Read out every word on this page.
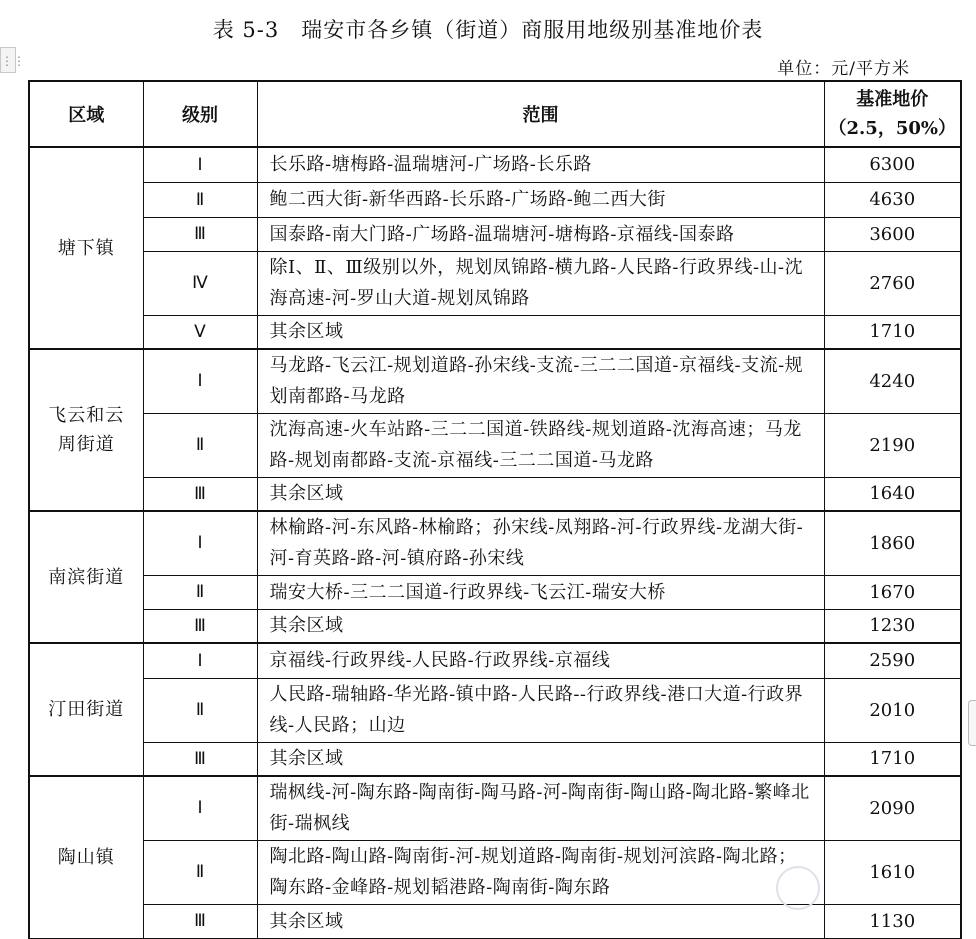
⋮⋮
表 5-3　瑞安市各乡镇（街道）商服用地级别基准地价表
单位：元/平方米
区域	级别	范围	基准地价
（2.5，50%）

塘下镇	Ⅰ	长乐路-塘梅路-温瑞塘河-广场路-长乐路	6300
	Ⅱ	鲍二西大街-新华西路-长乐路-广场路-鲍二西大街	4630
	Ⅲ	国泰路-南大门路-广场路-温瑞塘河-塘梅路-京福线-国泰路	3600
	Ⅳ	除Ⅰ、Ⅱ、Ⅲ级别以外，规划凤锦路-横九路-人民路-行政界线-山-沈海高速-河-罗山大道-规划凤锦路	2760
	Ⅴ	其余区域	1710
飞云和云周街道	Ⅰ	马龙路-飞云江-规划道路-孙宋线-支流-三二二国道-京福线-支流-规划南都路-马龙路	4240
	Ⅱ	沈海高速-火车站路-三二二国道-铁路线-规划道路-沈海高速；马龙路-规划南都路-支流-京福线-三二二国道-马龙路	2190
	Ⅲ	其余区域	1640
南滨街道	Ⅰ	林榆路-河-东风路-林榆路；孙宋线-凤翔路-河-行政界线-龙湖大街-河-育英路-路-河-镇府路-孙宋线	1860
	Ⅱ	瑞安大桥-三二二国道-行政界线-飞云江-瑞安大桥	1670
	Ⅲ	其余区域	1230
汀田街道	Ⅰ	京福线-行政界线-人民路-行政界线-京福线	2590
	Ⅱ	人民路-瑞轴路-华光路-镇中路-人民路--行政界线-港口大道-行政界线-人民路；山边	2010
	Ⅲ	其余区域	1710
陶山镇	Ⅰ	瑞枫线-河-陶东路-陶南街-陶马路-河-陶南街-陶山路-陶北路-繁峰北街-瑞枫线	2090
	Ⅱ	陶北路-陶山路-陶南街-河-规划道路-陶南街-规划河滨路-陶北路；陶东路-金峰路-规划韬港路-陶南街-陶东路	1610
	Ⅲ	其余区域	1130
